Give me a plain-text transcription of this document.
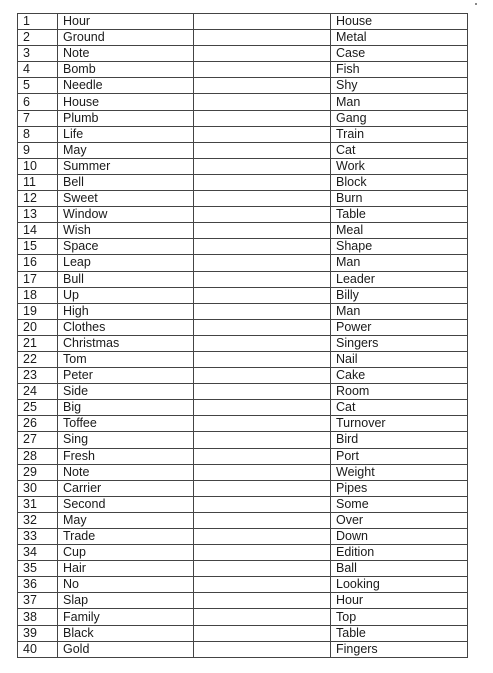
1	Hour		House
2	Ground		Metal
3	Note		Case
4	Bomb		Fish
5	Needle		Shy
6	House		Man
7	Plumb		Gang
8	Life		Train
9	May		Cat
10	Summer		Work
11	Bell		Block
12	Sweet		Burn
13	Window		Table
14	Wish		Meal
15	Space		Shape
16	Leap		Man
17	Bull		Leader
18	Up		Billy
19	High		Man
20	Clothes		Power
21	Christmas		Singers
22	Tom		Nail
23	Peter		Cake
24	Side		Room
25	Big		Cat
26	Toffee		Turnover
27	Sing		Bird
28	Fresh		Port
29	Note		Weight
30	Carrier		Pipes
31	Second		Some
32	May		Over
33	Trade		Down
34	Cup		Edition
35	Hair		Ball
36	No		Looking
37	Slap		Hour
38	Family		Top
39	Black		Table
40	Gold		Fingers
